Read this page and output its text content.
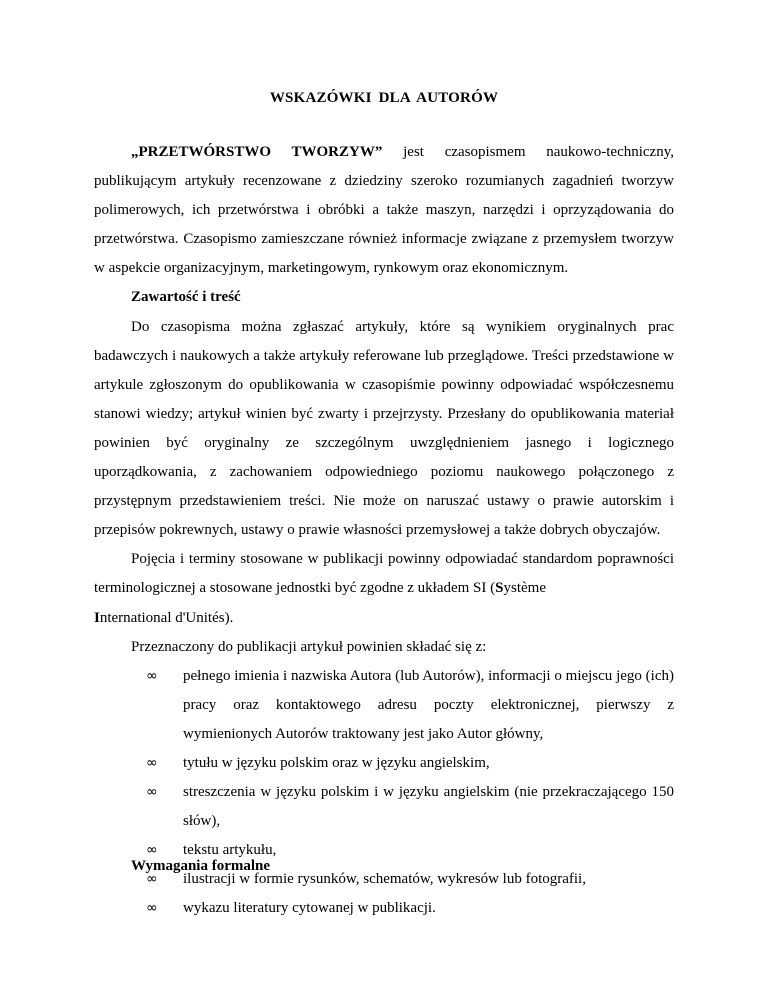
WSKAZÓWKI DLA AUTORÓW

„PRZETWÓRSTWO TWORZYW” jest czasopismem naukowo-techniczny, publikującym artykuły recenzowane z dziedziny szeroko rozumianych zagadnień tworzyw polimerowych, ich przetwórstwa i obróbki a także maszyn, narzędzi i oprzyządowania do przetwórstwa. Czasopismo zamieszczane również informacje związane z przemysłem tworzyw w aspekcie organizacyjnym, marketingowym, rynkowym oraz ekonomicznym.

Zawartość i treść

Do czasopisma można zgłaszać artykuły, które są wynikiem oryginalnych prac badawczych i naukowych a także artykuły referowane lub przeglądowe. Treści przedstawione w artykule zgłoszonym do opublikowania w czasopiśmie powinny odpowiadać współczesnemu stanowi wiedzy; artykuł winien być zwarty i przejrzysty. Przesłany do opublikowania materiał powinien być oryginalny ze szczególnym uwzględnieniem jasnego i logicznego uporządkowania, z zachowaniem odpowiedniego poziomu naukowego połączonego z przystępnym przedstawieniem treści. Nie może on naruszać ustawy o prawie autorskim i przepisów pokrewnych, ustawy o prawie własności przemysłowej a także dobrych obyczajów.

Pojęcia i terminy stosowane w publikacji powinny odpowiadać standardom poprawności terminologicznej a stosowane jednostki być zgodne z układem SI (Système
International d'Unités).

Przeznaczony do publikacji artykuł powinien składać się z:

∞ pełnego imienia i nazwiska Autora (lub Autorów), informacji o miejscu jego (ich) pracy oraz kontaktowego adresu poczty elektronicznej, pierwszy z wymienionych Autorów traktowany jest jako Autor główny,
∞ tytułu w języku polskim oraz w języku angielskim,
∞ streszczenia w języku polskim i w języku angielskim (nie przekraczającego 150 słów),
∞ tekstu artykułu,
∞ ilustracji w formie rysunków, schematów, wykresów lub fotografii,
∞ wykazu literatury cytowanej w publikacji.
Wymagania formalne
